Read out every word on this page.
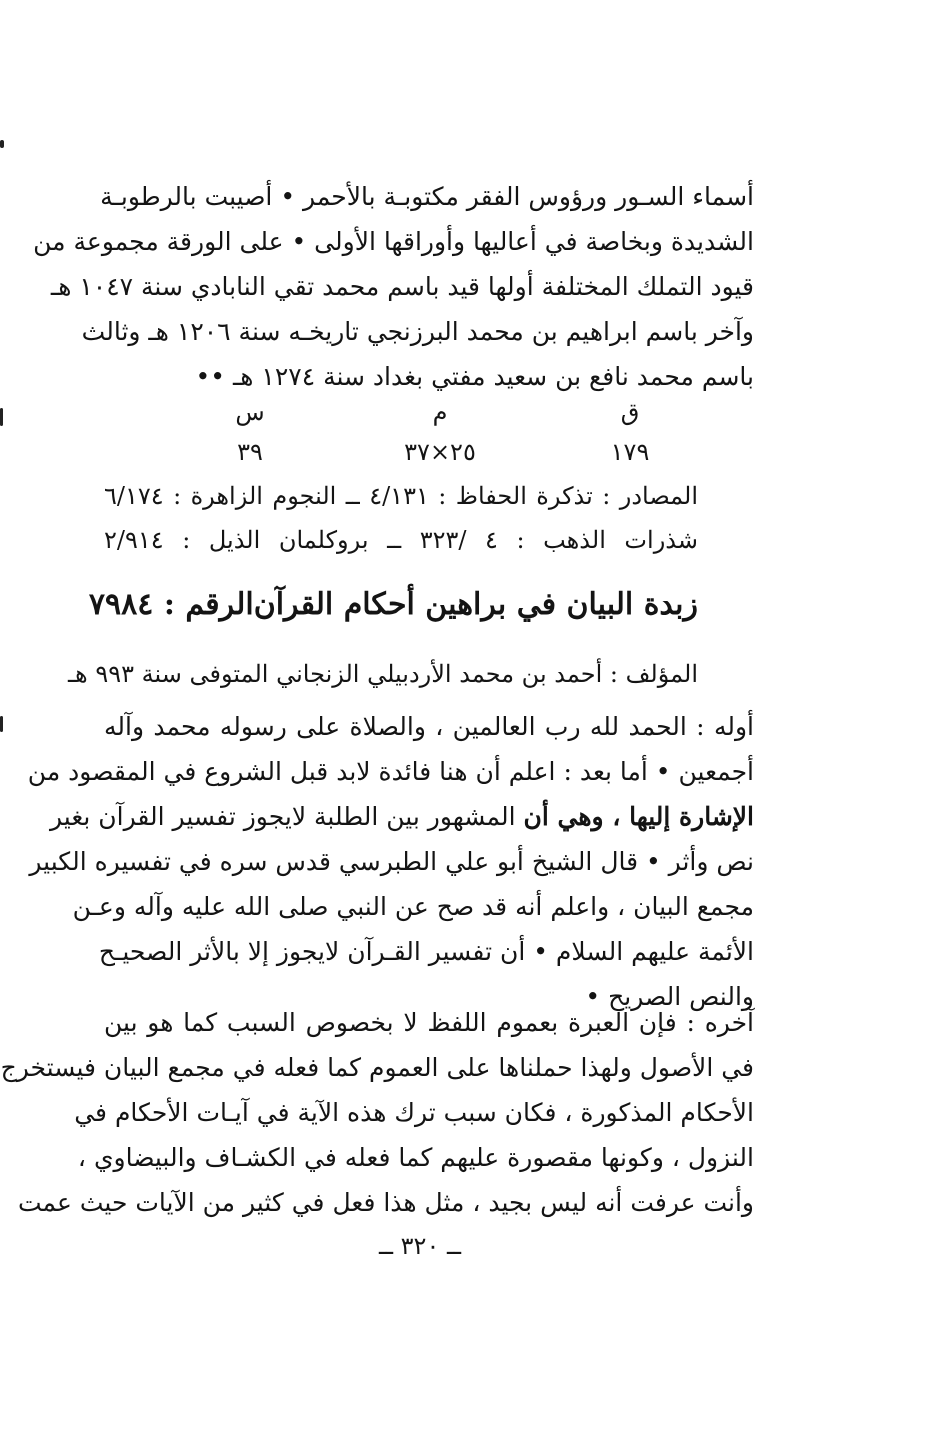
أسماء السـور ورؤوس الفقر مكتوبـة بالأحمر • أصيبت بالرطوبـة
الشديدة وبخاصة في أعاليها وأوراقها الأولى • على الورقة مجموعة من
قيود التملك المختلفة أولها قيد باسم محمد تقي النابادي سنة ١٠٤٧ هـ
وآخر باسم ابراهيم بن محمد البرزنجي تاريخـه سنة ١٢٠٦ هـ وثالث
باسم محمد نافع بن سعيد مفتي بغداد سنة ١٢٧٤ هـ ••
ق
م
س
١٧٩
٢٥×٣٧
٣٩
المصادر : تذكرة الحفاظ : ٤/١٣١ ــ النجوم الزاهرة : ٦/١٧٤
شذرات الذهب : ٤ /٣٢٣ ــ بروكلمان الذيل : ٢/٩١٤
زبدة البيان في براهين أحكام القرآن
الرقم : ٧٩٨٤
المؤلف : أحمد بن محمد الأردبيلي الزنجاني المتوفى سنة ٩٩٣ هـ
أوله : الحمد لله رب العالمين ، والصلاة على رسوله محمد وآله
أجمعين • أما بعد : اعلم أن هنا فائدة لابد قبل الشروع في المقصود من
الإشارة إليها ، وهي أن المشهور بين الطلبة لايجوز تفسير القرآن بغير
نص وأثر • قال الشيخ أبو علي الطبرسي قدس سره في تفسيره الكبير
مجمع البيان ، واعلم أنه قد صح عن النبي صلى الله عليه وآله وعـن
الأئمة عليهم السلام • أن تفسير القـرآن لايجوز إلا بالأثر الصحيـح
والنص الصريح •
آخره : فإن العبرة بعموم اللفظ لا بخصوص السبب كما هو بين
في الأصول ولهذا حملناها على العموم كما فعله في مجمع البيان فيستخرج
الأحكام المذكورة ، فكان سبب ترك هذه الآية في آيـات الأحكام في
النزول ، وكونها مقصورة عليهم كما فعله في الكشـاف والبيضاوي ،
وأنت عرفت أنه ليس بجيد ، مثل هذا فعل في كثير من الآيات حيث عمت
ــ ٣٢٠ ــ
